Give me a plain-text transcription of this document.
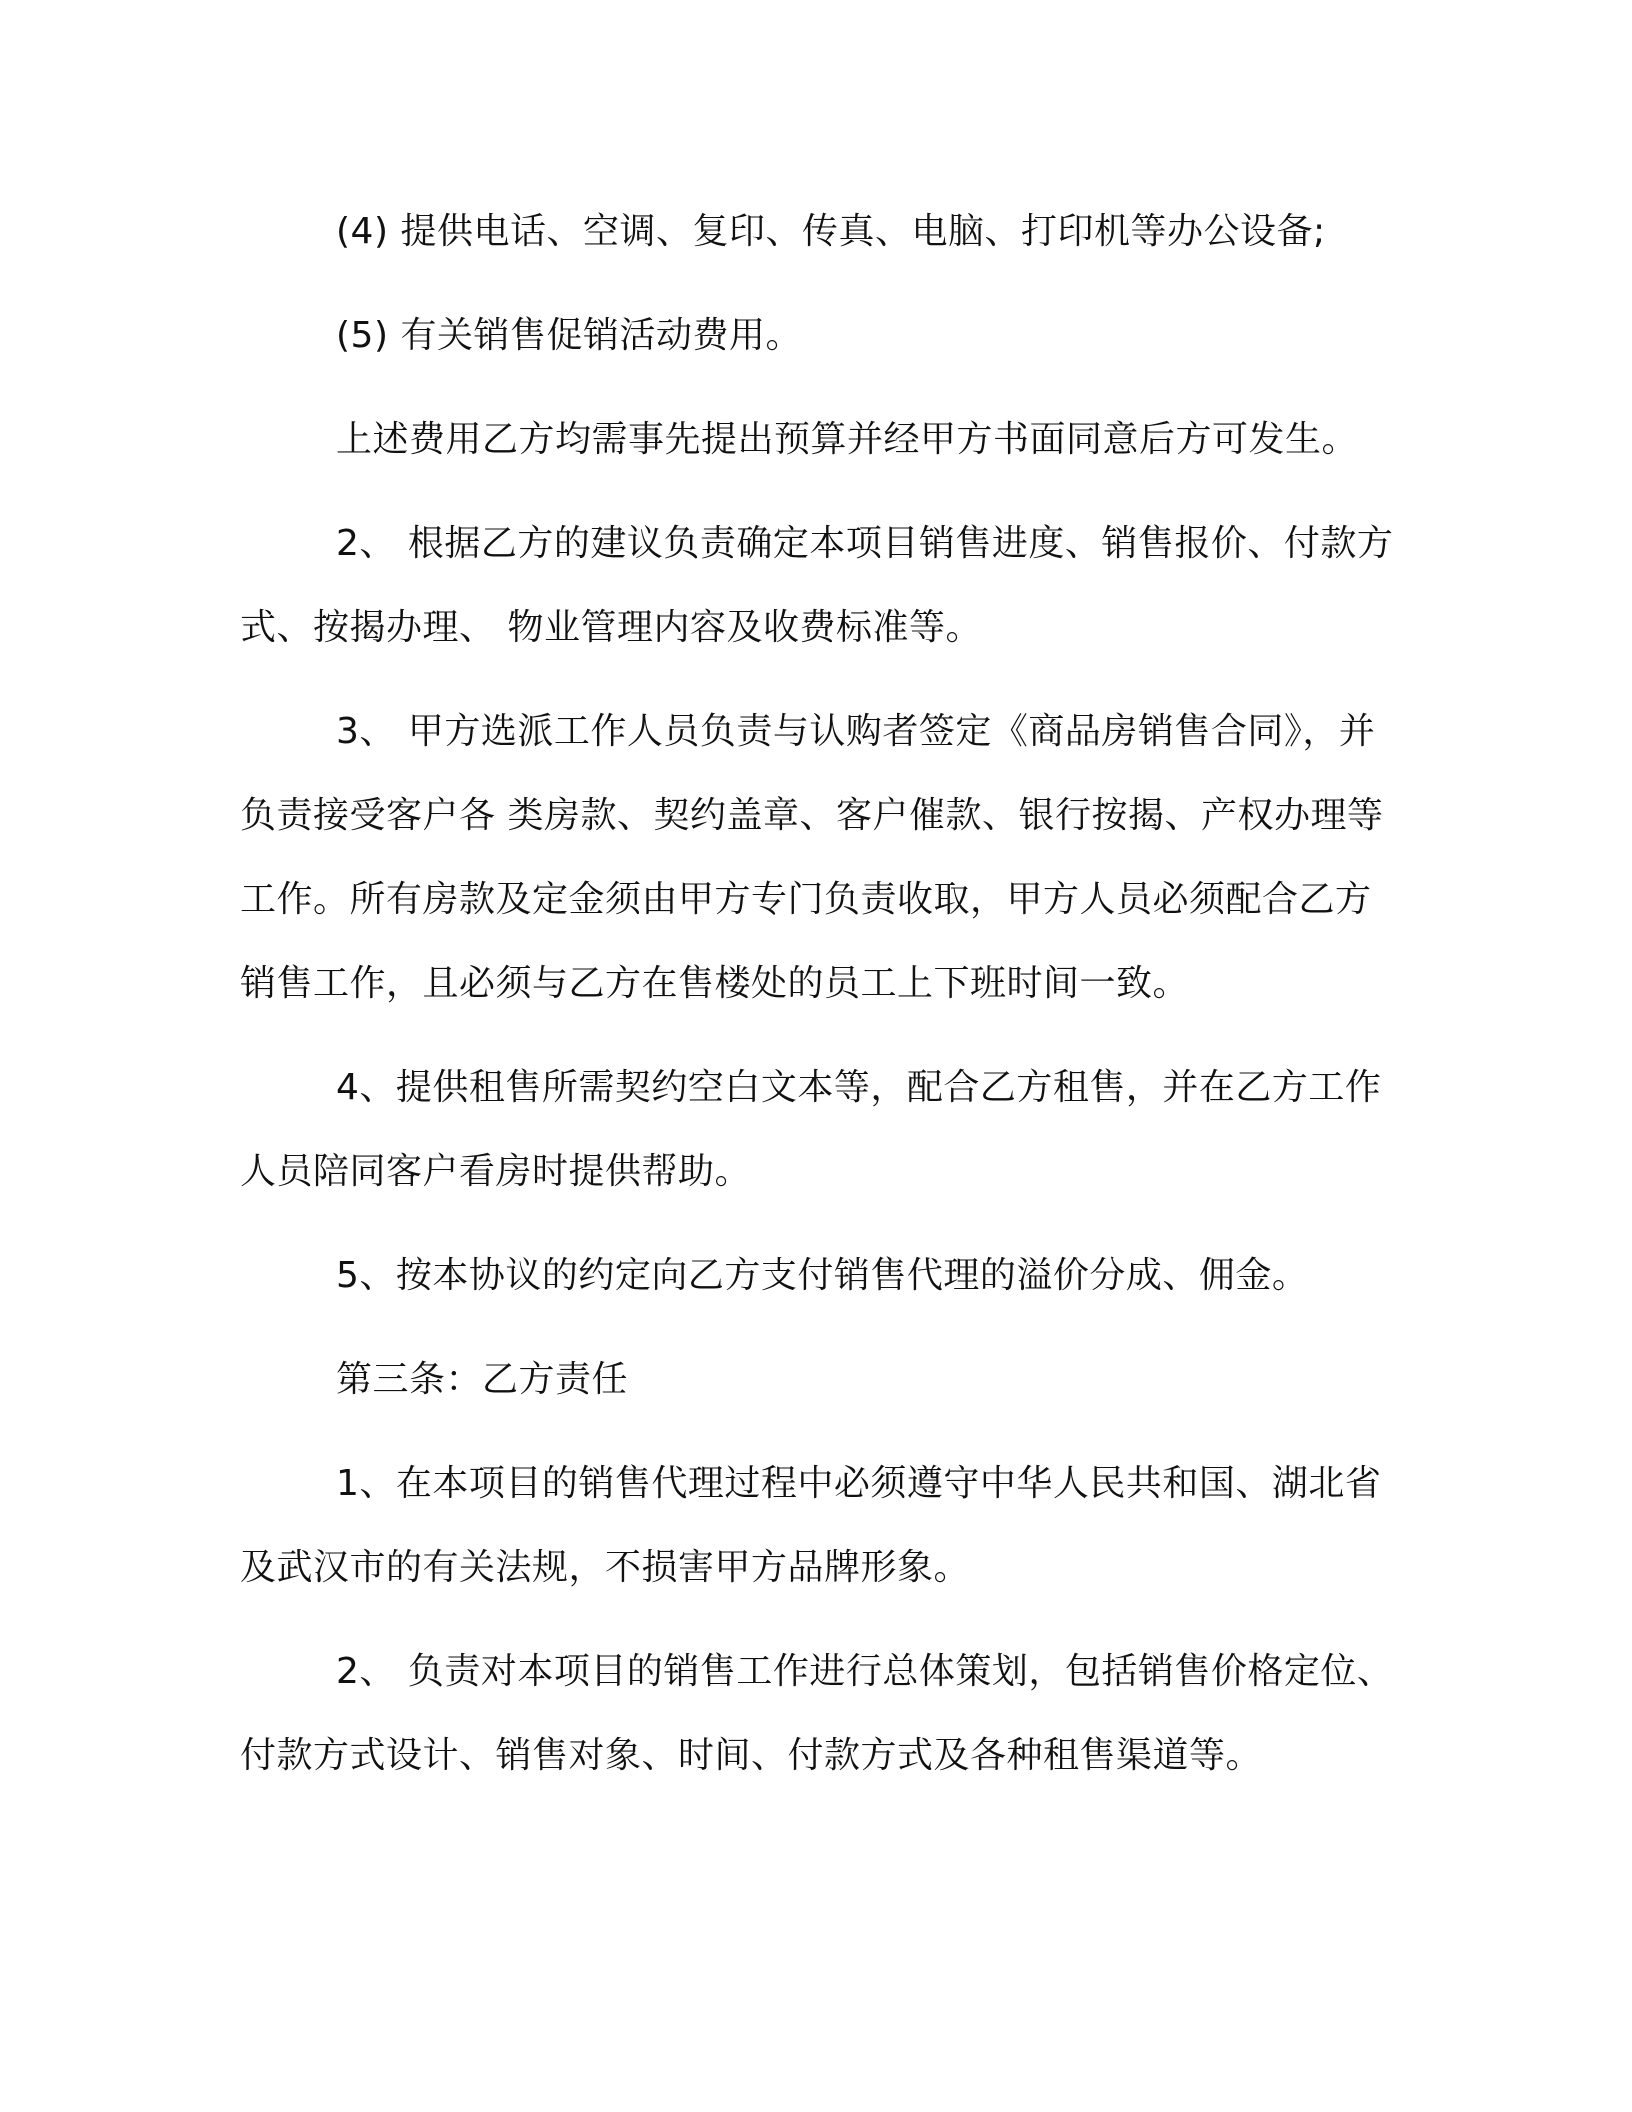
(4) 提供电话、空调、复印、传真、电脑、打印机等办公设备;

(5) 有关销售促销活动费用。

上述费用乙方均需事先提出预算并经甲方书面同意后方可发生。

2、 根据乙方的建议负责确定本项目销售进度、销售报价、付款方式、按揭办理、 物业管理内容及收费标准等。

3、 甲方选派工作人员负责与认购者签定《商品房销售合同》，并负责接受客户各 类房款、契约盖章、客户催款、银行按揭、产权办理等工作。所有房款及定金须由甲方专门负责收取，甲方人员必须配合乙方销售工作，且必须与乙方在售楼处的员工上下班时间一致。

4、提供租售所需契约空白文本等，配合乙方租售，并在乙方工作人员陪同客户看房时提供帮助。

5、按本协议的约定向乙方支付销售代理的溢价分成、佣金。

第三条：乙方责任

1、在本项目的销售代理过程中必须遵守中华人民共和国、湖北省及武汉市的有关法规，不损害甲方品牌形象。

2、 负责对本项目的销售工作进行总体策划，包括销售价格定位、付款方式设计、销售对象、时间、付款方式及各种租售渠道等。
